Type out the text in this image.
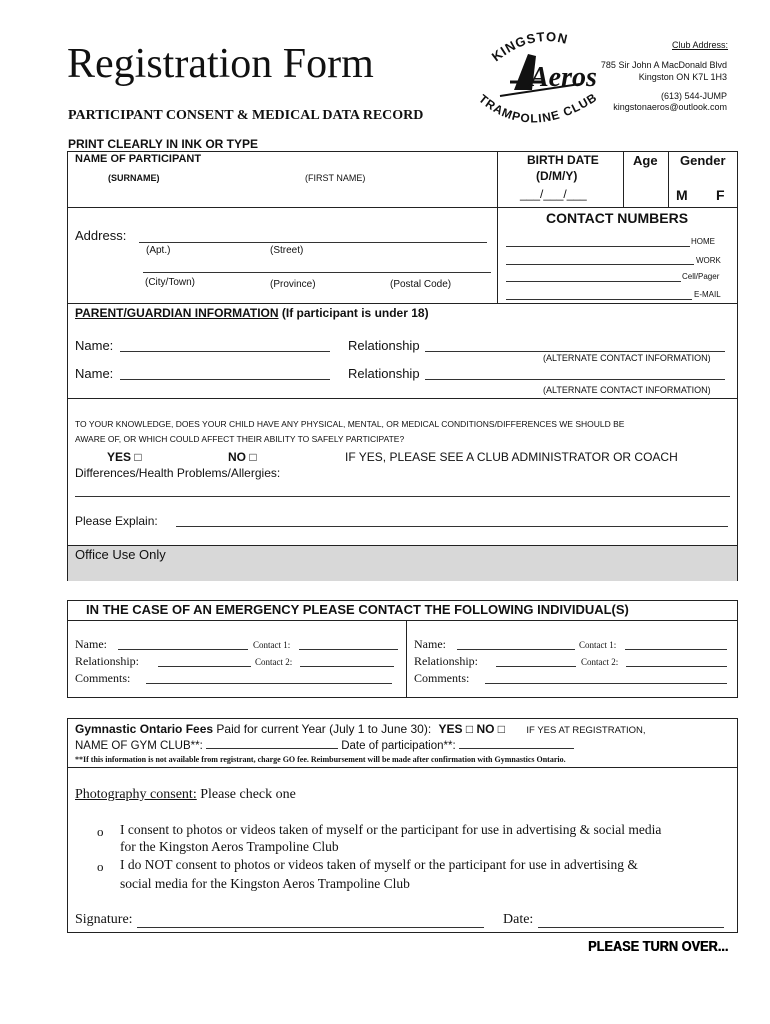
Registration Form
PARTICIPANT CONSENT & MEDICAL DATA RECORD
KINGSTON
TRAMPOLINE CLUB
Aeros
Club Address:
785 Sir John A MacDonald Blvd
Kingston ON K7L 1H3
(613) 544-JUMP
kingstonaeros@outlook.com
PRINT CLEARLY IN INK OR TYPE
NAME OF PARTICIPANT
(SURNAME)	(FIRST NAME)
BIRTH DATE
(D/M/Y)
___/___/___
Age Gender
M F
Address:
(Apt.)	(Street)
(City/Town)	(Province)	(Postal Code)
CONTACT NUMBERS
HOME
WORK
Cell/Pager
E-MAIL
PARENT/GUARDIAN INFORMATION (If participant is under 18)
Name:	Relationship
(ALTERNATE CONTACT INFORMATION)
Name:	Relationship
(ALTERNATE CONTACT INFORMATION)
TO YOUR KNOWLEDGE, DOES YOUR CHILD HAVE ANY PHYSICAL, MENTAL, OR MEDICAL CONDITIONS/DIFFERENCES WE SHOULD BE
AWARE OF, OR WHICH COULD AFFECT THEIR ABILITY TO SAFELY PARTICIPATE?
YES □	NO □	IF YES, PLEASE SEE A CLUB ADMINISTRATOR OR COACH
Differences/Health Problems/Allergies:
Please Explain:
Office Use Only
IN THE CASE OF AN EMERGENCY PLEASE CONTACT THE FOLLOWING INDIVIDUAL(S)
Name:	Contact 1:
Relationship:	Contact 2:
Comments:
Name:	Contact 1:
Relationship:	Contact 2:
Comments:
Gymnastic Ontario Fees Paid for current Year (July 1 to June 30): YES □ NO □ IF YES AT REGISTRATION,
NAME OF GYM CLUB**:	Date of participation**:
**If this information is not available from registrant, charge GO fee. Reimbursement will be made after confirmation with Gymnastics Ontario.
Photography consent: Please check one
o I consent to photos or videos taken of myself or the participant for use in advertising & social media
for the Kingston Aeros Trampoline Club
o I do NOT consent to photos or videos taken of myself or the participant for use in advertising &
social media for the Kingston Aeros Trampoline Club
Signature:	Date:
PLEASE TURN OVER...
